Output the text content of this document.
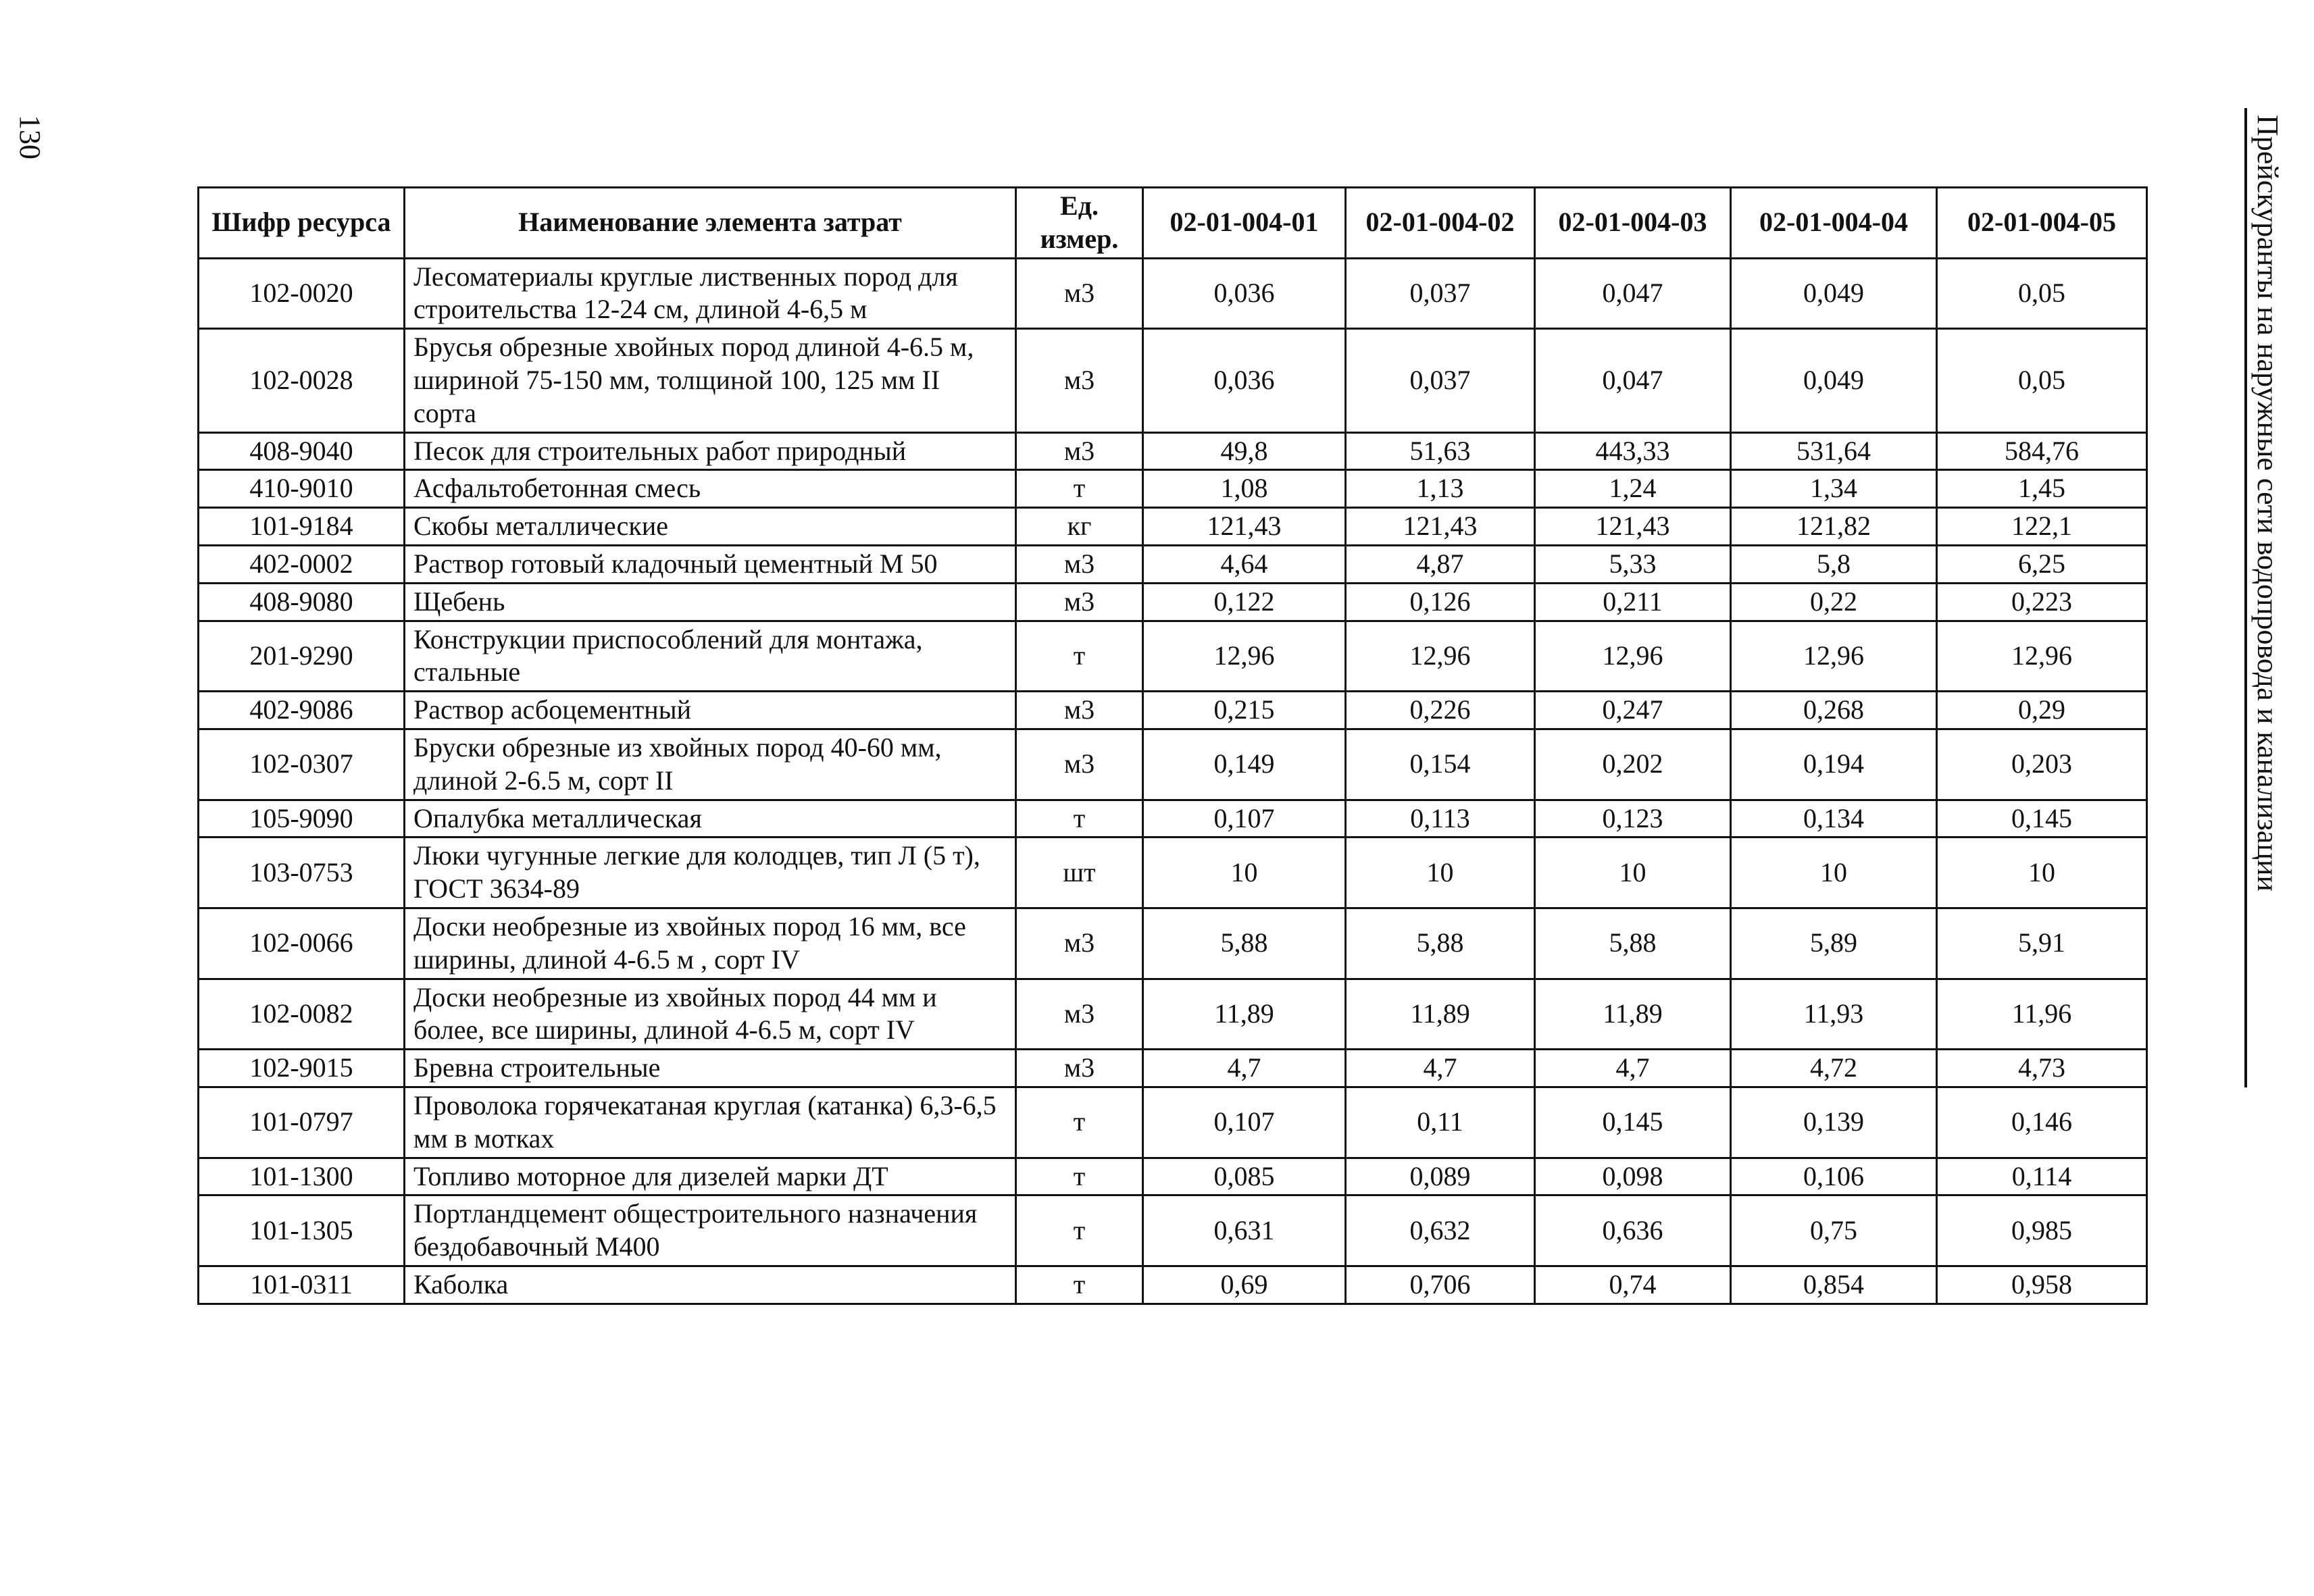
130	Прейскуранты на наружные сети водопровода и канализации
Шифр ресурса	Наименование элемента затрат	Ед. измер.	02-01-004-01	02-01-004-02	02-01-004-03	02-01-004-04	02-01-004-05
102-0020	Лесоматериалы круглые лиственных пород для строительства 12-24 см, длиной 4-6,5 м	м3	0,036	0,037	0,047	0,049	0,05
102-0028	Брусья обрезные хвойных пород длиной 4-6.5 м, шириной 75-150 мм, толщиной 100, 125 мм II сорта	м3	0,036	0,037	0,047	0,049	0,05
408-9040	Песок для строительных работ природный	м3	49,8	51,63	443,33	531,64	584,76
410-9010	Асфальтобетонная смесь	т	1,08	1,13	1,24	1,34	1,45
101-9184	Скобы металлические	кг	121,43	121,43	121,43	121,82	122,1
402-0002	Раствор готовый кладочный цементный М 50	м3	4,64	4,87	5,33	5,8	6,25
408-9080	Щебень	м3	0,122	0,126	0,211	0,22	0,223
201-9290	Конструкции приспособлений для монтажа, стальные	т	12,96	12,96	12,96	12,96	12,96
402-9086	Раствор асбоцементный	м3	0,215	0,226	0,247	0,268	0,29
102-0307	Бруски обрезные из хвойных пород 40-60 мм, длиной 2-6.5 м, сорт II	м3	0,149	0,154	0,202	0,194	0,203
105-9090	Опалубка металлическая	т	0,107	0,113	0,123	0,134	0,145
103-0753	Люки чугунные легкие для колодцев, тип Л (5 т), ГОСТ 3634-89	шт	10	10	10	10	10
102-0066	Доски необрезные из хвойных пород 16 мм, все ширины, длиной 4-6.5 м , сорт IV	м3	5,88	5,88	5,88	5,89	5,91
102-0082	Доски необрезные из хвойных пород 44 мм и более, все ширины, длиной 4-6.5 м, сорт IV	м3	11,89	11,89	11,89	11,93	11,96
102-9015	Бревна строительные	м3	4,7	4,7	4,7	4,72	4,73
101-0797	Проволока горячекатаная круглая (катанка) 6,3-6,5 мм в мотках	т	0,107	0,11	0,145	0,139	0,146
101-1300	Топливо моторное для дизелей марки ДТ	т	0,085	0,089	0,098	0,106	0,114
101-1305	Портландцемент общестроительного назначения бездобавочный М400	т	0,631	0,632	0,636	0,75	0,985
101-0311	Каболка	т	0,69	0,706	0,74	0,854	0,958
